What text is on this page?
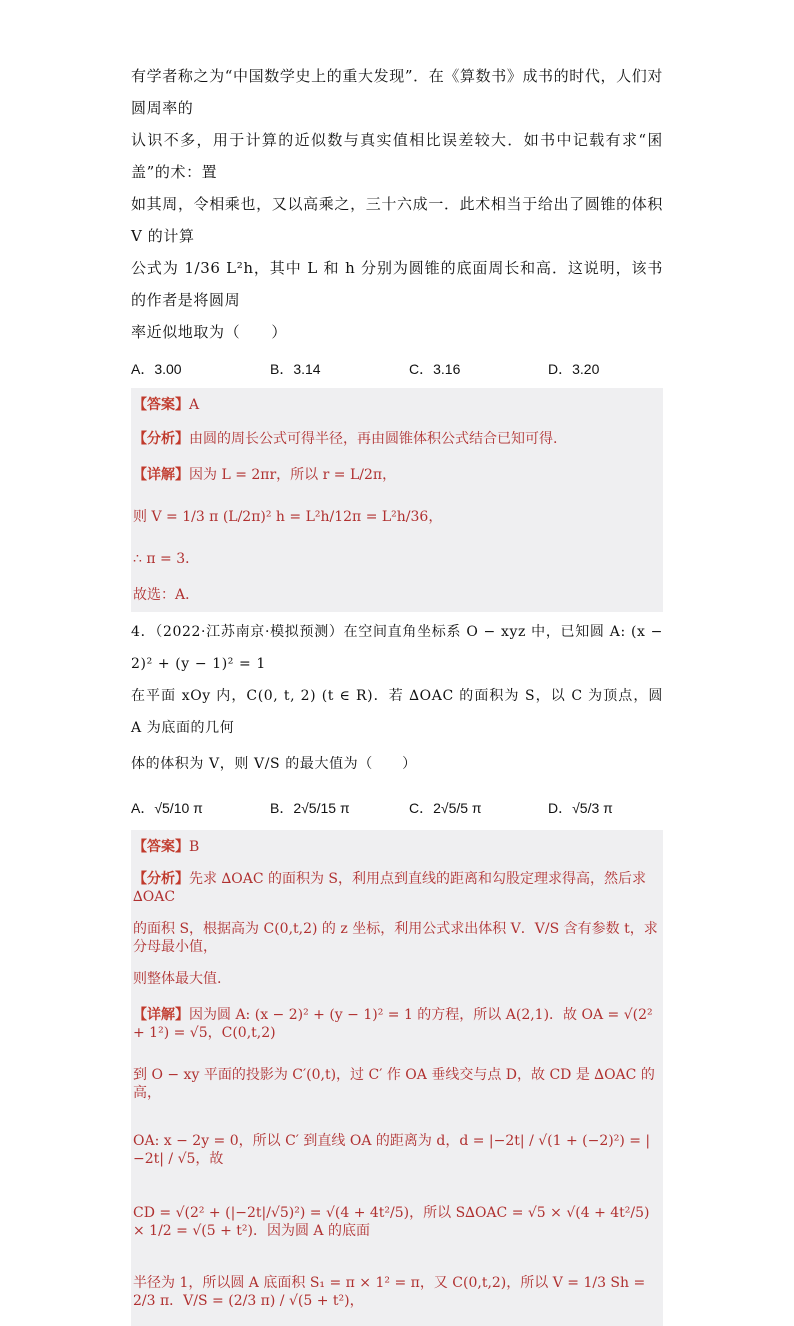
有学者称之为“中国数学史上的重大发现”．在《算数书》成书的时代，人们对圆周率的
认识不多，用于计算的近似数与真实值相比误差较大．如书中记载有求“囷盖”的术：置
如其周，令相乘也，又以高乘之，三十六成一．此术相当于给出了圆锥的体积 V 的计算
公式为 1/36 L²h，其中 L 和 h 分别为圆锥的底面周长和高．这说明，该书的作者是将圆周
率近似地取为（　　）
A．3.00	B．3.14	C．3.16	D．3.20
【答案】A
【分析】由圆的周长公式可得半径，再由圆锥体积公式结合已知可得.
【详解】因为 L = 2πr，所以 r = L/2π，
则 V = 1/3 π (L/2π)² h = L²h/12π = L²h/36，
∴ π = 3．
故选：A．
4．（2022·江苏南京·模拟预测）在空间直角坐标系 O − xyz 中，已知圆 A: (x − 2)² + (y − 1)² = 1
在平面 xOy 内，C(0, t, 2) (t ∈ R)．若 ∆OAC 的面积为 S，以 C 为顶点，圆 A 为底面的几何
体的体积为 V，则 V/S 的最大值为（　　）
A．√5/10 π	B．2√5/15 π	C．2√5/5 π	D．√5/3 π
【答案】B
【分析】先求 ∆OAC 的面积为 S，利用点到直线的距离和勾股定理求得高，然后求 ∆OAC
的面积 S，根据高为 C(0,t,2) 的 z 坐标，利用公式求出体积 V．V/S 含有参数 t，求分母最小值，
则整体最大值.
【详解】因为圆 A: (x − 2)² + (y − 1)² = 1 的方程，所以 A(2,1)．故 OA = √(2² + 1²) = √5，C(0,t,2)
到 O − xy 平面的投影为 C′(0,t)，过 C′ 作 OA 垂线交与点 D，故 CD 是 ∆OAC 的高，
OA: x − 2y = 0，所以 C′ 到直线 OA 的距离为 d，d = |−2t| / √(1 + (−2)²) = |−2t| / √5，故
CD = √(2² + (|−2t|/√5)²) = √(4 + 4t²/5)，所以 S∆OAC = √5 × √(4 + 4t²/5) × 1/2 = √(5 + t²)．因为圆 A 的底面
半径为 1，所以圆 A 底面积 S₁ = π × 1² = π，又 C(0,t,2)，所以 V = 1/3 Sh = 2/3 π．V/S = (2/3 π) / √(5 + t²)，
